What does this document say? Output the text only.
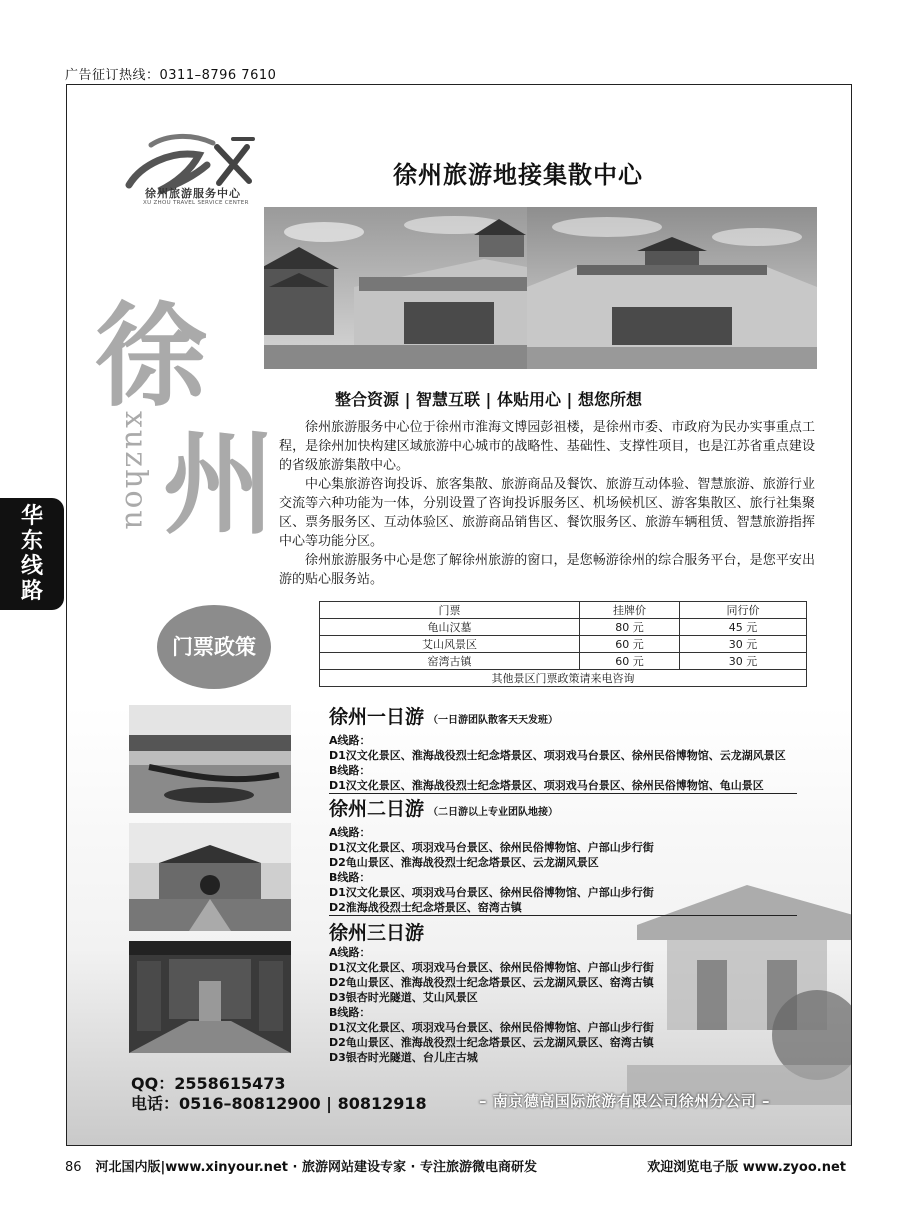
广告征订热线：0311–8796 7610
华
东
线
路
徐州旅游服务中心
XU ZHOU TRAVEL SERVICE CENTER
徐州旅游地接集散中心
徐
州
xuzhou
整合资源 | 智慧互联 | 体贴用心 | 想您所想

徐州旅游服务中心位于徐州市淮海文博园彭祖楼，是徐州市委、市政府为民办实事重点工程，是徐州加快构建区域旅游中心城市的战略性、基础性、支撑性项目，也是江苏省重点建设的省级旅游集散中心。

中心集旅游咨询投诉、旅客集散、旅游商品及餐饮、旅游互动体验、智慧旅游、旅游行业交流等六种功能为一体，分别设置了咨询投诉服务区、机场候机区、游客集散区、旅行社集聚区、票务服务区、互动体验区、旅游商品销售区、餐饮服务区、旅游车辆租赁、智慧旅游指挥中心等功能分区。

徐州旅游服务中心是您了解徐州旅游的窗口，是您畅游徐州的综合服务平台，是您平安出游的贴心服务站。

门票政策
门票	挂牌价	同行价
龟山汉墓	80 元	45 元
艾山风景区	60 元	30 元
窑湾古镇	60 元	30 元
其他景区门票政策请来电咨询		
徐州一日游 （一日游团队散客天天发班）
A线路：
D1汉文化景区、淮海战役烈士纪念塔景区、项羽戏马台景区、徐州民俗博物馆、云龙湖风景区
B线路：
D1汉文化景区、淮海战役烈士纪念塔景区、项羽戏马台景区、徐州民俗博物馆、龟山景区
徐州二日游 （二日游以上专业团队地接）
A线路：
D1汉文化景区、项羽戏马台景区、徐州民俗博物馆、户部山步行街
D2龟山景区、淮海战役烈士纪念塔景区、云龙湖风景区
B线路：
D1汉文化景区、项羽戏马台景区、徐州民俗博物馆、户部山步行街
D2淮海战役烈士纪念塔景区、窑湾古镇
徐州三日游
A线路：
D1汉文化景区、项羽戏马台景区、徐州民俗博物馆、户部山步行街
D2龟山景区、淮海战役烈士纪念塔景区、云龙湖风景区、窑湾古镇
D3银杏时光隧道、艾山风景区
B线路：
D1汉文化景区、项羽戏马台景区、徐州民俗博物馆、户部山步行街
D2龟山景区、淮海战役烈士纪念塔景区、云龙湖风景区、窑湾古镇
D3银杏时光隧道、台儿庄古城
QQ：2558615473
电话：0516–80812900 | 80812918	– 南京德高国际旅游有限公司徐州分公司 –
86 河北国内版|www.xinyour.net · 旅游网站建设专家 · 专注旅游微电商研发	欢迎浏览电子版 www.zyoo.net
